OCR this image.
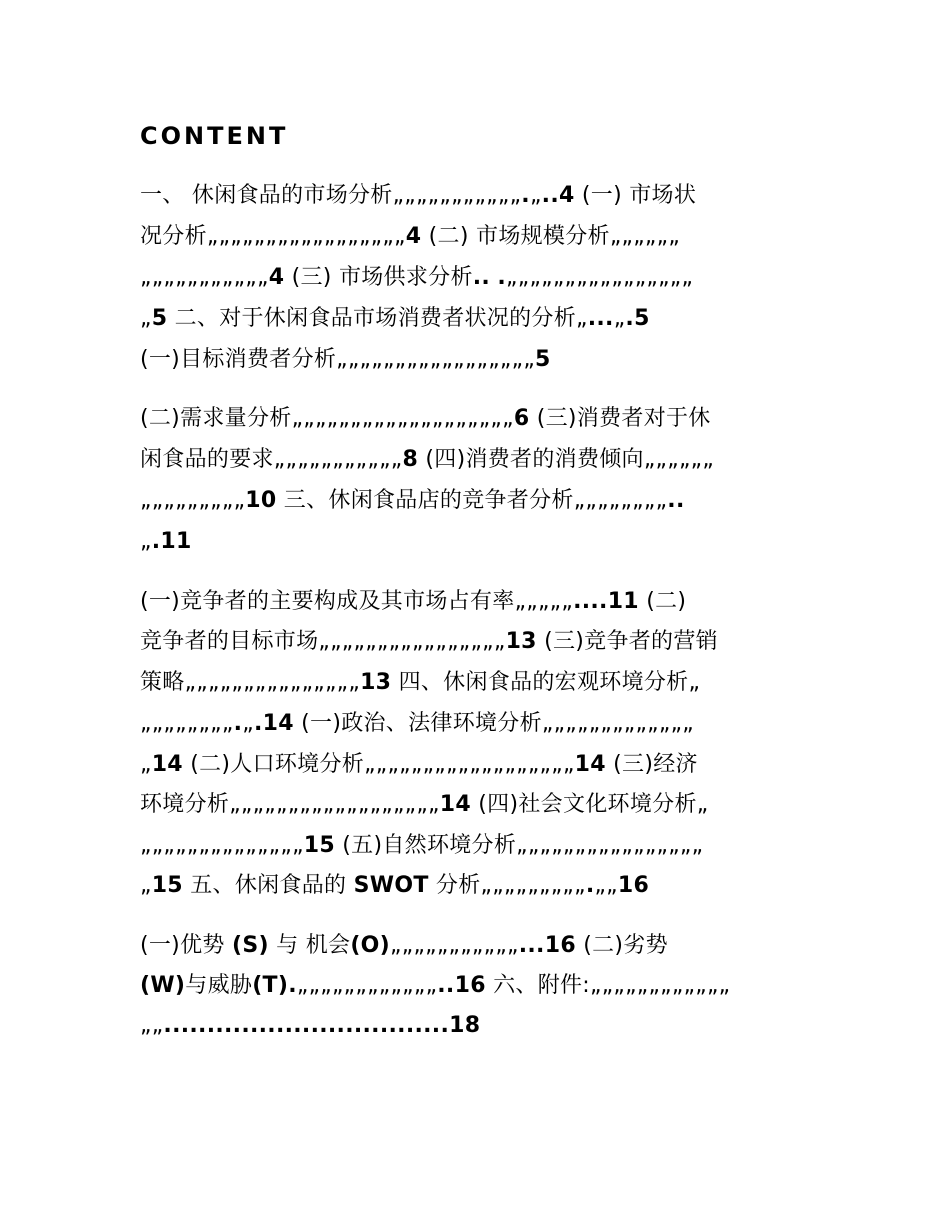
CONTENT
一、 休闲食品的市场分析„„„„„„„„„„„.„..4 (一) 市场状
况分析„„„„„„„„„„„„„„„„„4 (二) 市场规模分析„„„„„„
„„„„„„„„„„„4 (三) 市场供求分析.. .„„„„„„„„„„„„„„„„
„5 二、对于休闲食品市场消费者状况的分析„...„.5
(一)目标消费者分析„„„„„„„„„„„„„„„„„5
(二)需求量分析„„„„„„„„„„„„„„„„„„„6 (三)消费者对于休
闲食品的要求„„„„„„„„„„„8 (四)消费者的消费倾向„„„„„„
„„„„„„„„„10 三、休闲食品店的竞争者分析„„„„„„„„..
„.11
(一)竞争者的主要构成及其市场占有率„„„„„....11 (二)
竞争者的目标市场„„„„„„„„„„„„„„„„13 (三)竞争者的营销
策略„„„„„„„„„„„„„„„13 四、休闲食品的宏观环境分析„
„„„„„„„„.„.14 (一)政治、法律环境分析„„„„„„„„„„„„„
„14 (二)人口环境分析„„„„„„„„„„„„„„„„„„14 (三)经济
环境分析„„„„„„„„„„„„„„„„„„14 (四)社会文化环境分析„
„„„„„„„„„„„„„„15 (五)自然环境分析„„„„„„„„„„„„„„„„
„15 五、休闲食品的 SWOT 分析„„„„„„„„„.„„16
(一)优势 (S) 与 机会(O)„„„„„„„„„„„...16 (二)劣势
(W)与威胁(T).„„„„„„„„„„„„..16 六、附件:„„„„„„„„„„„„
„„.................................18
